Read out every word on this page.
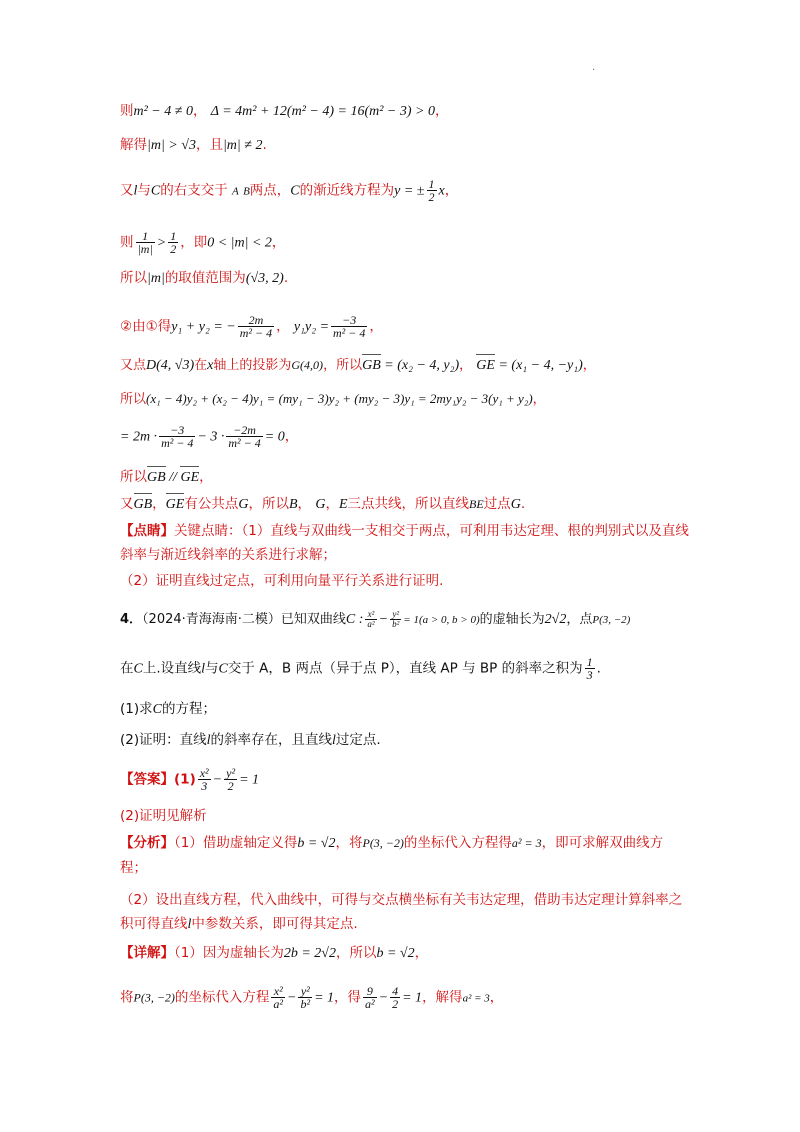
.
则m² − 4 ≠ 0， Δ = 4m² + 12(m² − 4) = 16(m² − 3) > 0，
解得|m| > √3，且|m| ≠ 2.
又l与C的右支交于 A B两点，C的渐近线方程为y = ± $\frac{1}{2}$ x，
则 $\frac{1}{|m|} > \frac{1}{2}$ ，即0 < |m| < 2，
所以|m|的取值范围为(√3, 2).
②由①得y₁ + y₂ = − $\frac{2m}{\text{m² − 4}}$ ， $y_1y_2 = \frac{-3}{\text{m² − 4}}$ ，
又点D(4, √3)在x轴上的投影为G(4,0)，所以GB = (x₂ − 4, y₂)， GE = (x₁ − 4, −y₁)，
所以(x₁ − 4)y₂ + (x₂ − 4)y₁ = (my₁ − 3)y₂ + (my₂ − 3)y₁ = 2my₁y₂ − 3(y₁ + y₂)，
= $2m \cdot \frac{-3}{\text{m² − 4}} - 3 \cdot \frac{-2m}{\text{m² − 4}} = 0$，
所以GB // GE，
又GB，GE有公共点G，所以B， G，E三点共线，所以直线BE过点G.
【点睛】关键点睛：（1）直线与双曲线一支相交于两点，可利用韦达定理、根的判别式以及直线斜率与渐近线斜率的关系进行求解；
（2）证明直线过定点，可利用向量平行关系进行证明.
4．（2024·青海海南·二模）已知双曲线C : $\frac{\text{x²}}{\text{a²}} - \frac{\text{y²}}{\text{b²}} = 1(a > 0$, b > 0)的虚轴长为2√2，点P(3, −2)
在C上.设直线l与C交于 A，B 两点（异于点 P），直线 AP 与 BP 的斜率之积为 $\frac{1}{3}$ .
(1)求C的方程；
(2)证明：直线l的斜率存在，且直线l过定点.
【答案】$(1) \frac{\text{x²}}{3} - \frac{\text{y²}}{2} = 1$
(2)证明见解析
【分析】（1）借助虚轴定义得b = √2，将P(3, −2)的坐标代入方程得a² = 3，即可求解双曲线方程；
（2）设出直线方程，代入曲线中，可得与交点横坐标有关韦达定理，借助韦达定理计算斜率之积可得直线l中参数关系，即可得其定点.
【详解】（1）因为虚轴长为2b = 2√2，所以b = √2，
将P(3, −2)的坐标代入方程 $\frac{\text{x²}}{\text{a²}} - \frac{\text{y²}}{\text{b²}} = 1$，得 $\frac{9}{\text{a²}} - \frac{4}{2} = 1$，解得a² = 3，
